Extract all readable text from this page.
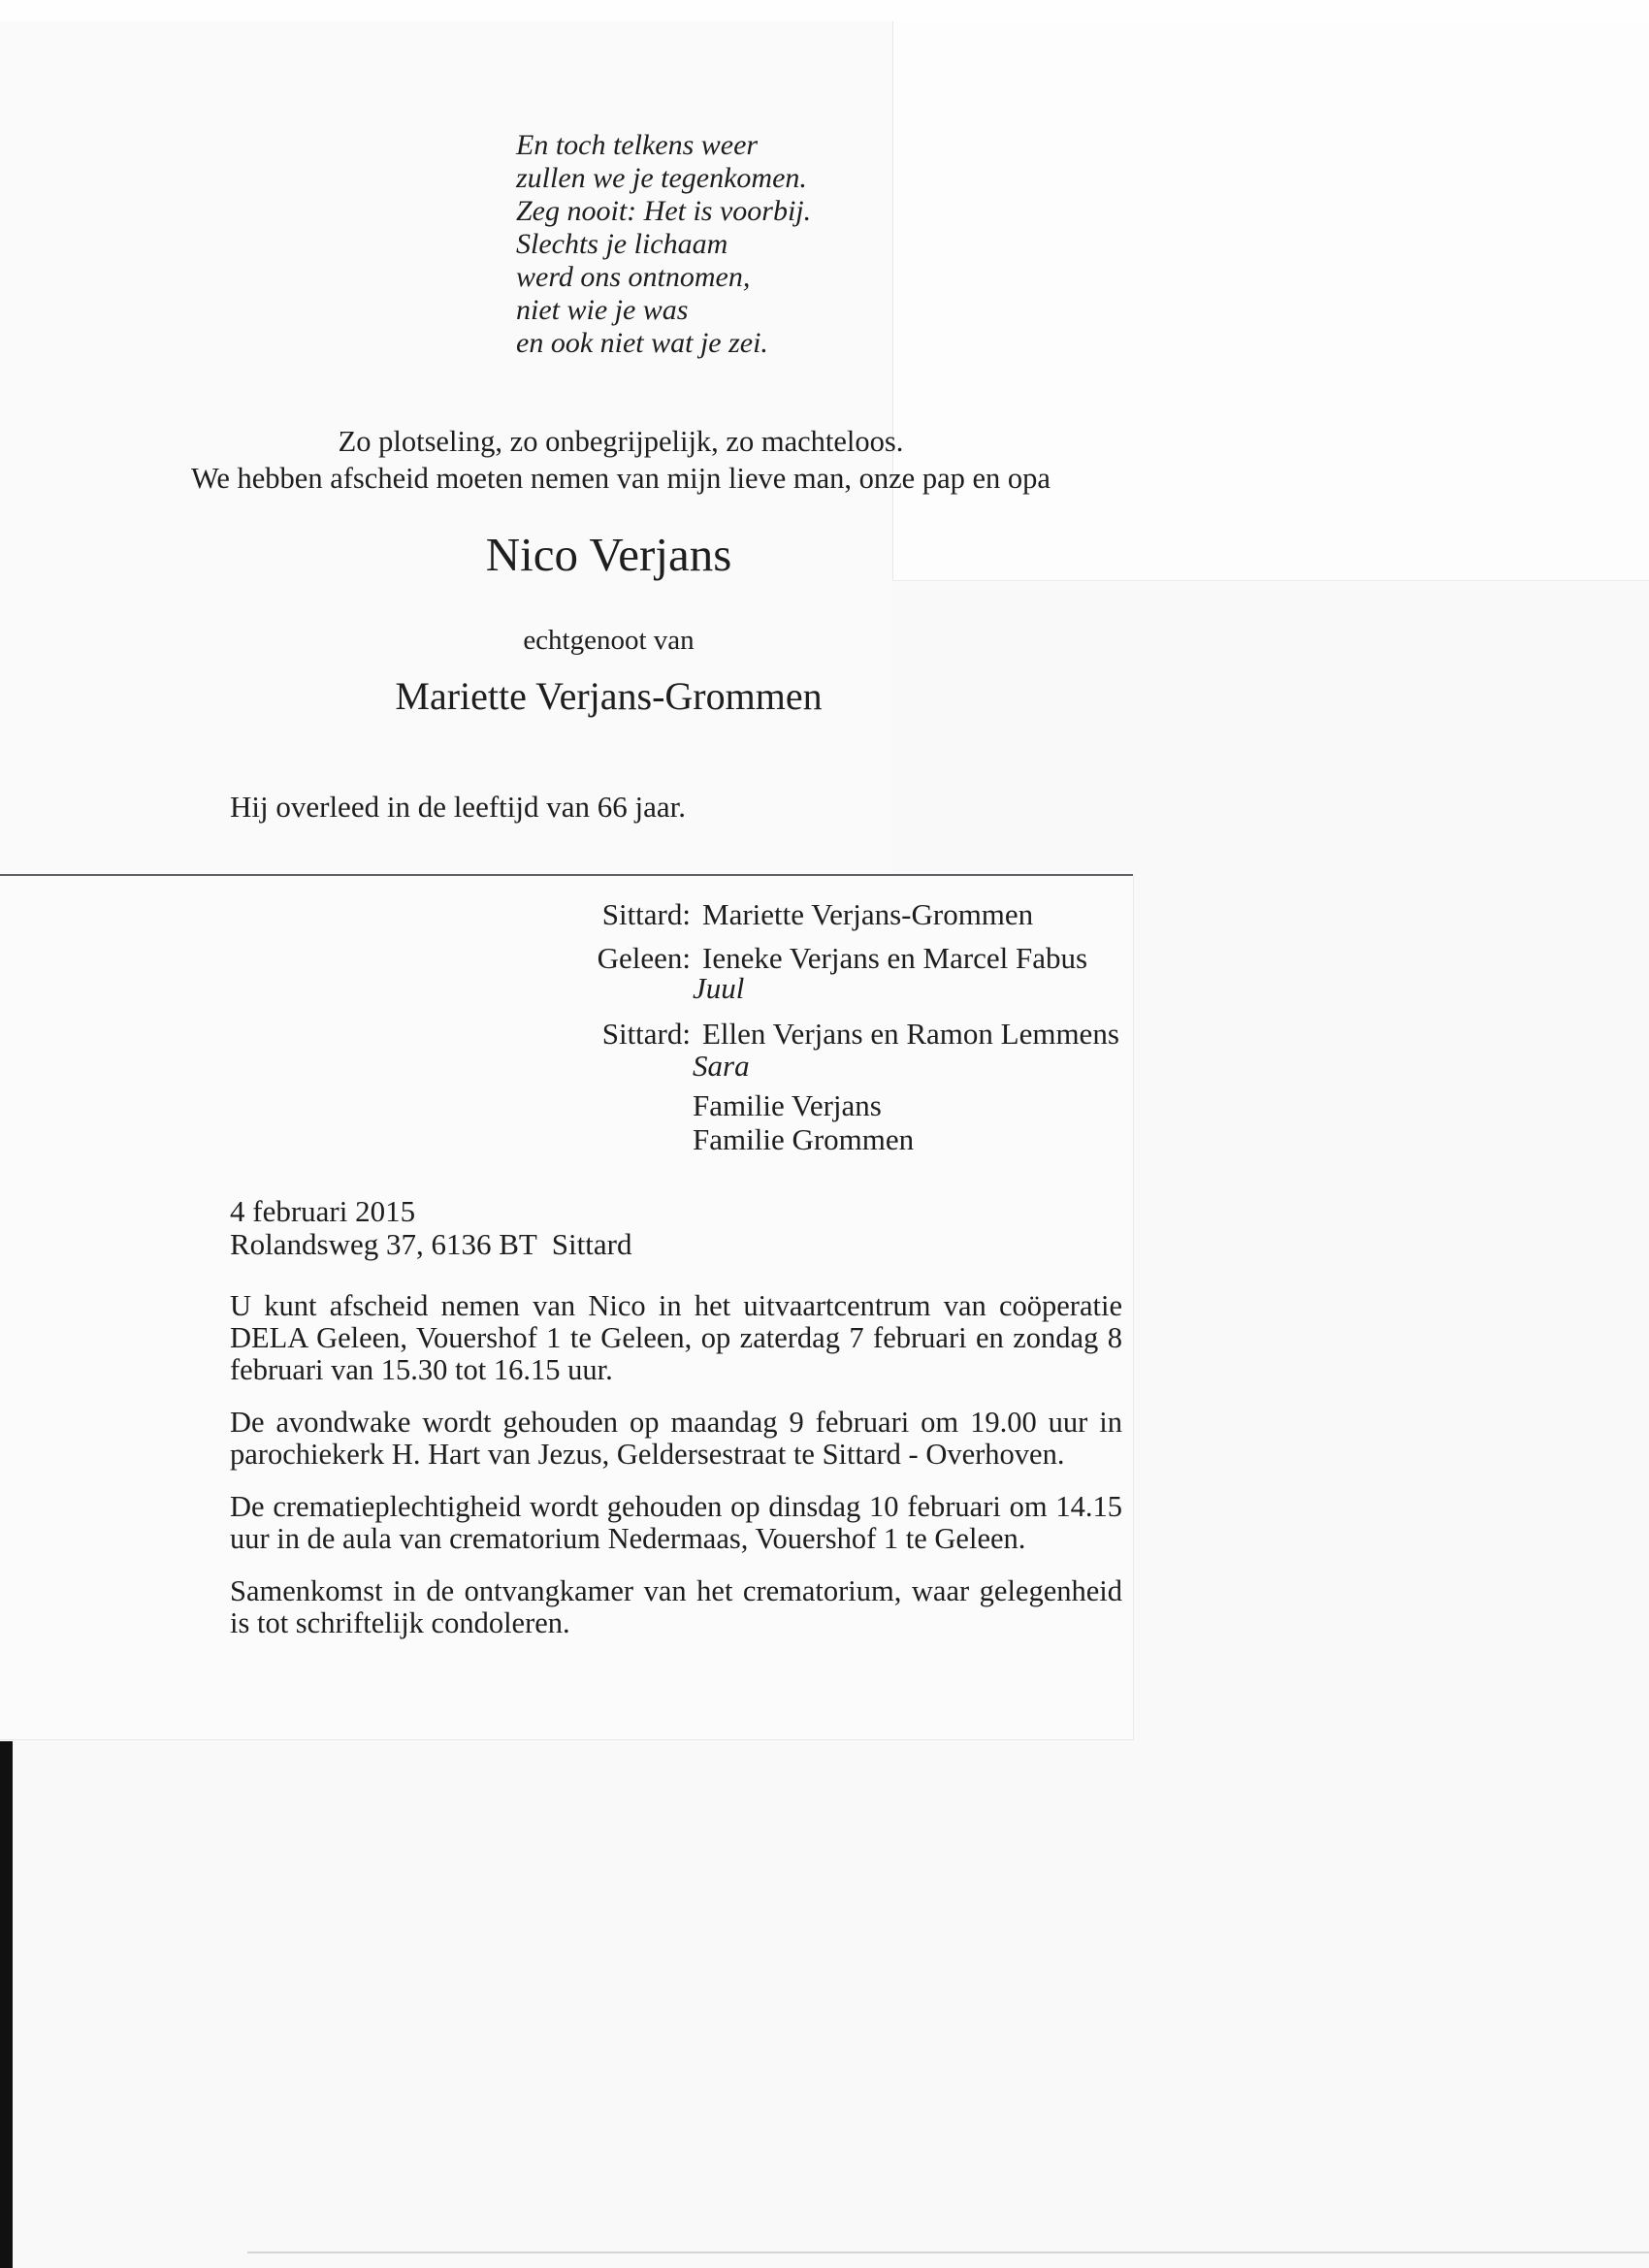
En toch telkens weer
zullen we je tegenkomen.
Zeg nooit: Het is voorbij.
Slechts je lichaam
werd ons ontnomen,
niet wie je was
en ook niet wat je zei.
Zo plotseling, zo onbegrijpelijk, zo machteloos.
We hebben afscheid moeten nemen van mijn lieve man, onze pap en opa
Nico Verjans
echtgenoot van
Mariette Verjans-Grommen
Hij overleed in de leeftijd van 66 jaar.
Sittard: Mariette Verjans-Grommen
Geleen: Ieneke Verjans en Marcel Fabus
Juul
Sittard: Ellen Verjans en Ramon Lemmens
Sara
Familie Verjans
Familie Grommen
4 februari 2015
Rolandsweg 37, 6136 BT  Sittard

U kunt afscheid nemen van Nico in het uitvaartcentrum van coöperatie DELA Geleen, Vouershof 1 te Geleen, op zaterdag 7 februari en zondag 8 februari van 15.30 tot 16.15 uur.

De avondwake wordt gehouden op maandag 9 februari om 19.00 uur in parochiekerk H. Hart van Jezus, Geldersestraat te Sittard - Overhoven.

De crematieplechtigheid wordt gehouden op dinsdag 10 februari om 14.15 uur in de aula van crematorium Nedermaas, Vouershof 1 te Geleen.

Samenkomst in de ontvangkamer van het crematorium, waar gelegenheid is tot schriftelijk condoleren.
